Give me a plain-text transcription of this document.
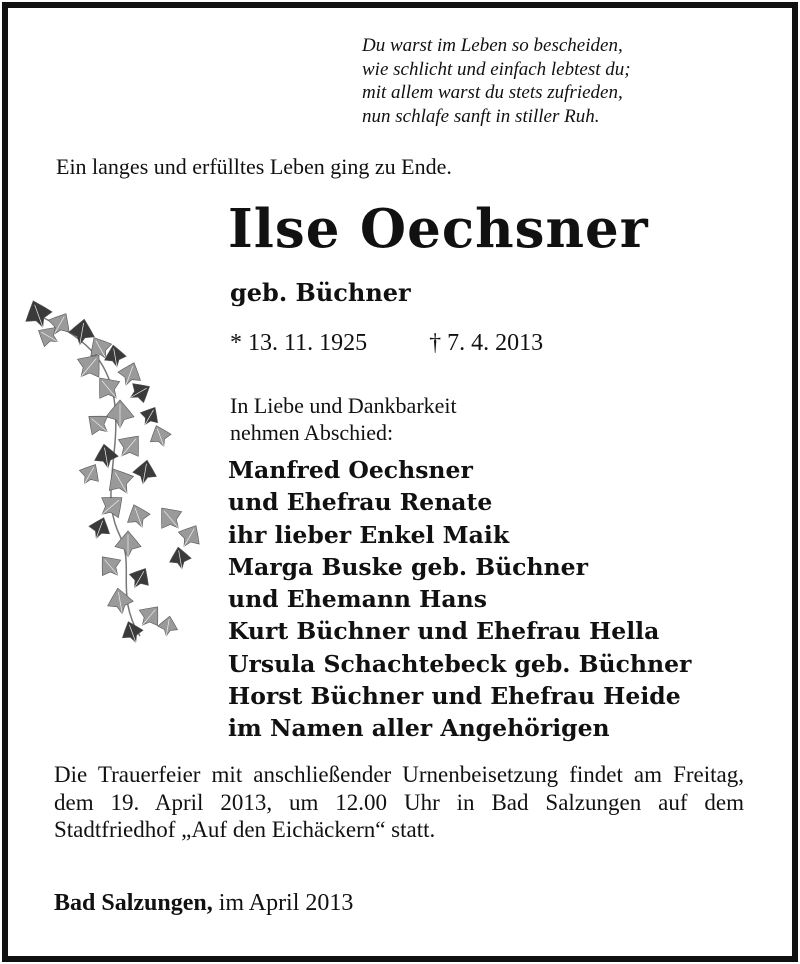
Du warst im Leben so bescheiden,
wie schlicht und einfach lebtest du;
mit allem warst du stets zufrieden,
nun schlafe sanft in stiller Ruh.
Ein langes und erfülltes Leben ging zu Ende.
Ilse Oechsner
geb. Büchner
* 13. 11. 1925	† 7. 4. 2013
In Liebe und Dankbarkeit
nehmen Abschied:
Manfred Oechsner
und Ehefrau Renate
ihr lieber Enkel Maik
Marga Buske geb. Büchner
und Ehemann Hans
Kurt Büchner und Ehefrau Hella
Ursula Schachtebeck geb. Büchner
Horst Büchner und Ehefrau Heide
im Namen aller Angehörigen
Die Trauerfeier mit anschließender Urnenbeisetzung findet am Freitag, dem 19. April 2013, um 12.00 Uhr in Bad Salzungen auf dem Stadtfriedhof „Auf den Eichäckern“ statt.
Bad Salzungen, im April 2013
